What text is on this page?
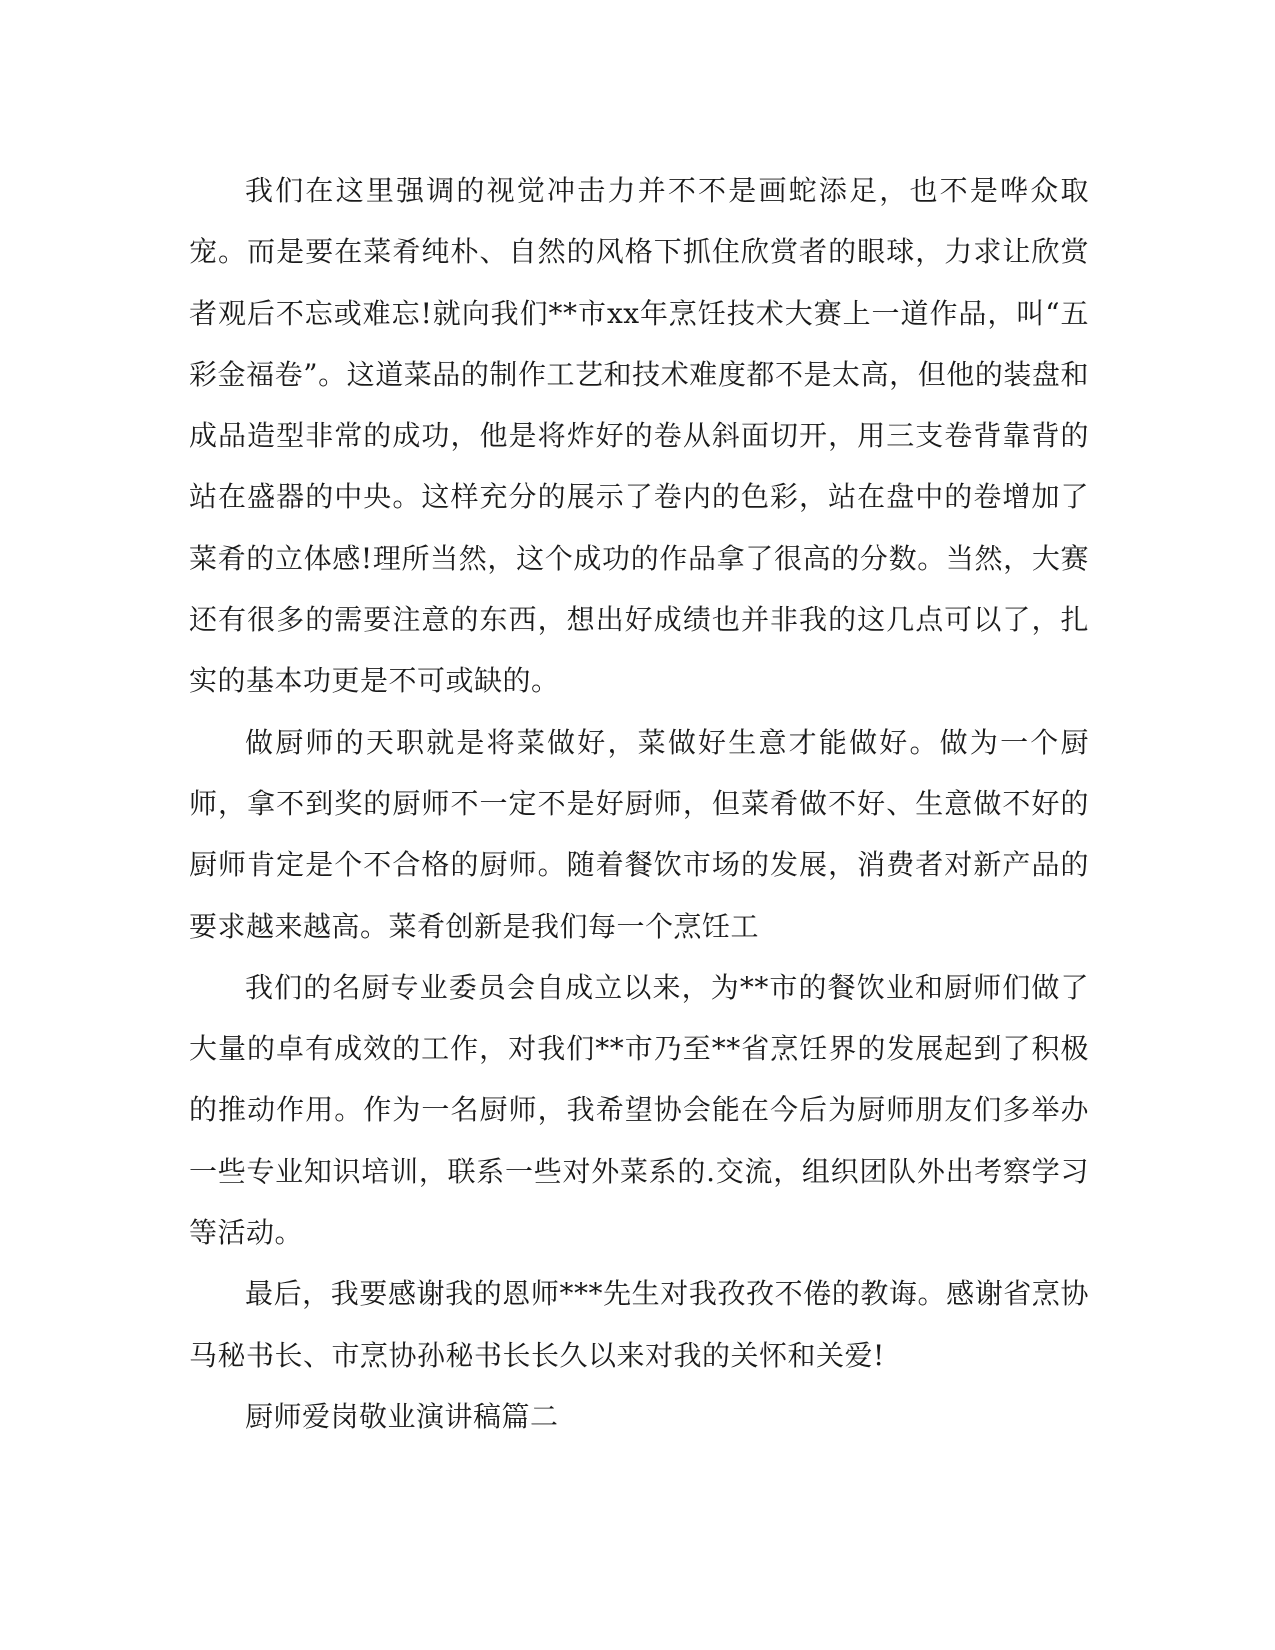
我们在这里强调的视觉冲击力并不不是画蛇添足，也不是哗众取宠。而是要在菜肴纯朴、自然的风格下抓住欣赏者的眼球，力求让欣赏者观后不忘或难忘!就向我们**市xx年烹饪技术大赛上一道作品，叫“五彩金福卷”。这道菜品的制作工艺和技术难度都不是太高，但他的装盘和成品造型非常的成功，他是将炸好的卷从斜面切开，用三支卷背靠背的站在盛器的中央。这样充分的展示了卷内的色彩，站在盘中的卷增加了菜肴的立体感!理所当然，这个成功的作品拿了很高的分数。当然，大赛还有很多的需要注意的东西，想出好成绩也并非我的这几点可以了，扎实的基本功更是不可或缺的。

做厨师的天职就是将菜做好，菜做好生意才能做好。做为一个厨师，拿不到奖的厨师不一定不是好厨师，但菜肴做不好、生意做不好的厨师肯定是个不合格的厨师。随着餐饮市场的发展，消费者对新产品的要求越来越高。菜肴创新是我们每一个烹饪工

我们的名厨专业委员会自成立以来，为**市的餐饮业和厨师们做了大量的卓有成效的工作，对我们**市乃至**省烹饪界的发展起到了积极的推动作用。作为一名厨师，我希望协会能在今后为厨师朋友们多举办一些专业知识培训，联系一些对外菜系的.交流，组织团队外出考察学习等活动。

最后，我要感谢我的恩师***先生对我孜孜不倦的教诲。感谢省烹协马秘书长、市烹协孙秘书长长久以来对我的关怀和关爱!

厨师爱岗敬业演讲稿篇二
